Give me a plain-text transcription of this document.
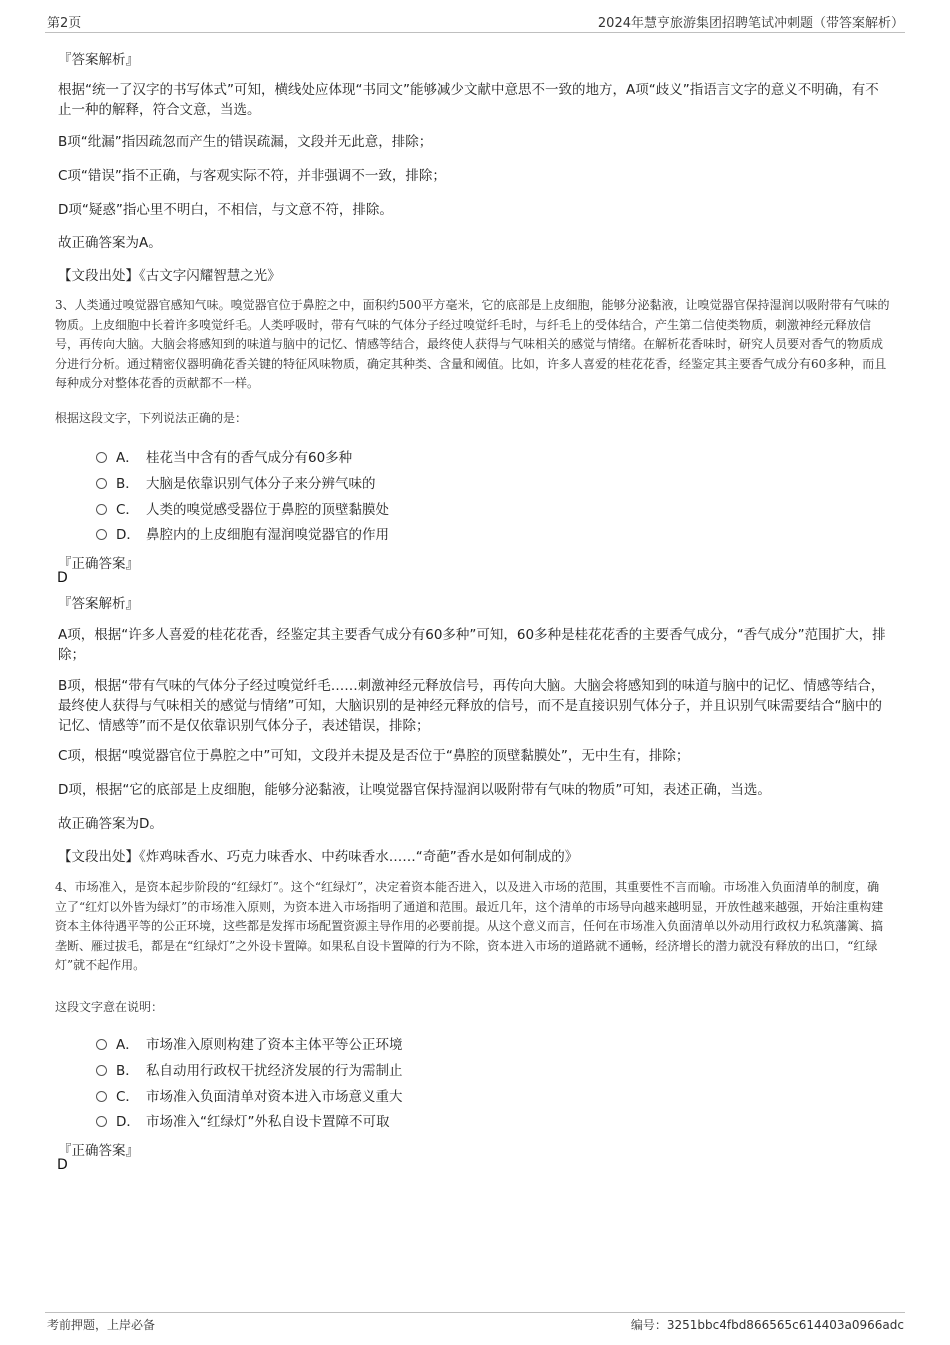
第2页	2024年慧亨旅游集团招聘笔试冲刺题（带答案解析）
『答案解析』
根据“统一了汉字的书写体式”可知，横线处应体现“书同文”能够减少文献中意思不一致的地方，A项“歧义”指语言文字的意义不明确，有不止一种的解释，符合文意，当选。
B项“纰漏”指因疏忽而产生的错误疏漏，文段并无此意，排除；
C项“错误”指不正确，与客观实际不符，并非强调不一致，排除；
D项“疑惑”指心里不明白，不相信，与文意不符，排除。
故正确答案为A。
【文段出处】《古文字闪耀智慧之光》
3、人类通过嗅觉器官感知气味。嗅觉器官位于鼻腔之中，面积约500平方毫米，它的底部是上皮细胞，能够分泌黏液，让嗅觉器官保持湿润以吸附带有气味的物质。上皮细胞中长着许多嗅觉纤毛。人类呼吸时，带有气味的气体分子经过嗅觉纤毛时，与纤毛上的受体结合，产生第二信使类物质，刺激神经元释放信号，再传向大脑。大脑会将感知到的味道与脑中的记忆、情感等结合，最终使人获得与气味相关的感觉与情绪。在解析花香味时，研究人员要对香气的物质成分进行分析。通过精密仪器明确花香关键的特征风味物质，确定其种类、含量和阈值。比如，许多人喜爱的桂花花香，经鉴定其主要香气成分有60多种，而且每种成分对整体花香的贡献都不一样。
根据这段文字，下列说法正确的是：
A． 桂花当中含有的香气成分有60多种
B． 大脑是依靠识别气体分子来分辨气味的
C． 人类的嗅觉感受器位于鼻腔的顶壁黏膜处
D． 鼻腔内的上皮细胞有湿润嗅觉器官的作用
『正确答案』
D
『答案解析』
A项，根据“许多人喜爱的桂花花香，经鉴定其主要香气成分有60多种”可知，60多种是桂花花香的主要香气成分，“香气成分”范围扩大，排除；
B项，根据“带有气味的气体分子经过嗅觉纤毛……刺激神经元释放信号，再传向大脑。大脑会将感知到的味道与脑中的记忆、情感等结合，最终使人获得与气味相关的感觉与情绪”可知，大脑识别的是神经元释放的信号，而不是直接识别气体分子，并且识别气味需要结合“脑中的记忆、情感等”而不是仅依靠识别气体分子，表述错误，排除；
C项，根据“嗅觉器官位于鼻腔之中”可知，文段并未提及是否位于“鼻腔的顶壁黏膜处”，无中生有，排除；
D项，根据“它的底部是上皮细胞，能够分泌黏液，让嗅觉器官保持湿润以吸附带有气味的物质”可知，表述正确，当选。
故正确答案为D。
【文段出处】《炸鸡味香水、巧克力味香水、中药味香水……“奇葩”香水是如何制成的》
4、市场准入，是资本起步阶段的“红绿灯”。这个“红绿灯”，决定着资本能否进入，以及进入市场的范围，其重要性不言而喻。市场准入负面清单的制度，确立了“红灯以外皆为绿灯”的市场准入原则，为资本进入市场指明了通道和范围。最近几年，这个清单的市场导向越来越明显，开放性越来越强，开始注重构建资本主体待遇平等的公正环境，这些都是发挥市场配置资源主导作用的必要前提。从这个意义而言，任何在市场准入负面清单以外动用行政权力私筑藩篱、搞垄断、雁过拔毛，都是在“红绿灯”之外设卡置障。如果私自设卡置障的行为不除，资本进入市场的道路就不通畅，经济增长的潜力就没有释放的出口，“红绿灯”就不起作用。
这段文字意在说明：
A． 市场准入原则构建了资本主体平等公正环境
B． 私自动用行政权干扰经济发展的行为需制止
C． 市场准入负面清单对资本进入市场意义重大
D． 市场准入“红绿灯”外私自设卡置障不可取
『正确答案』
D
考前押题，上岸必备	编号：3251bbc4fbd866565c614403a0966adc
